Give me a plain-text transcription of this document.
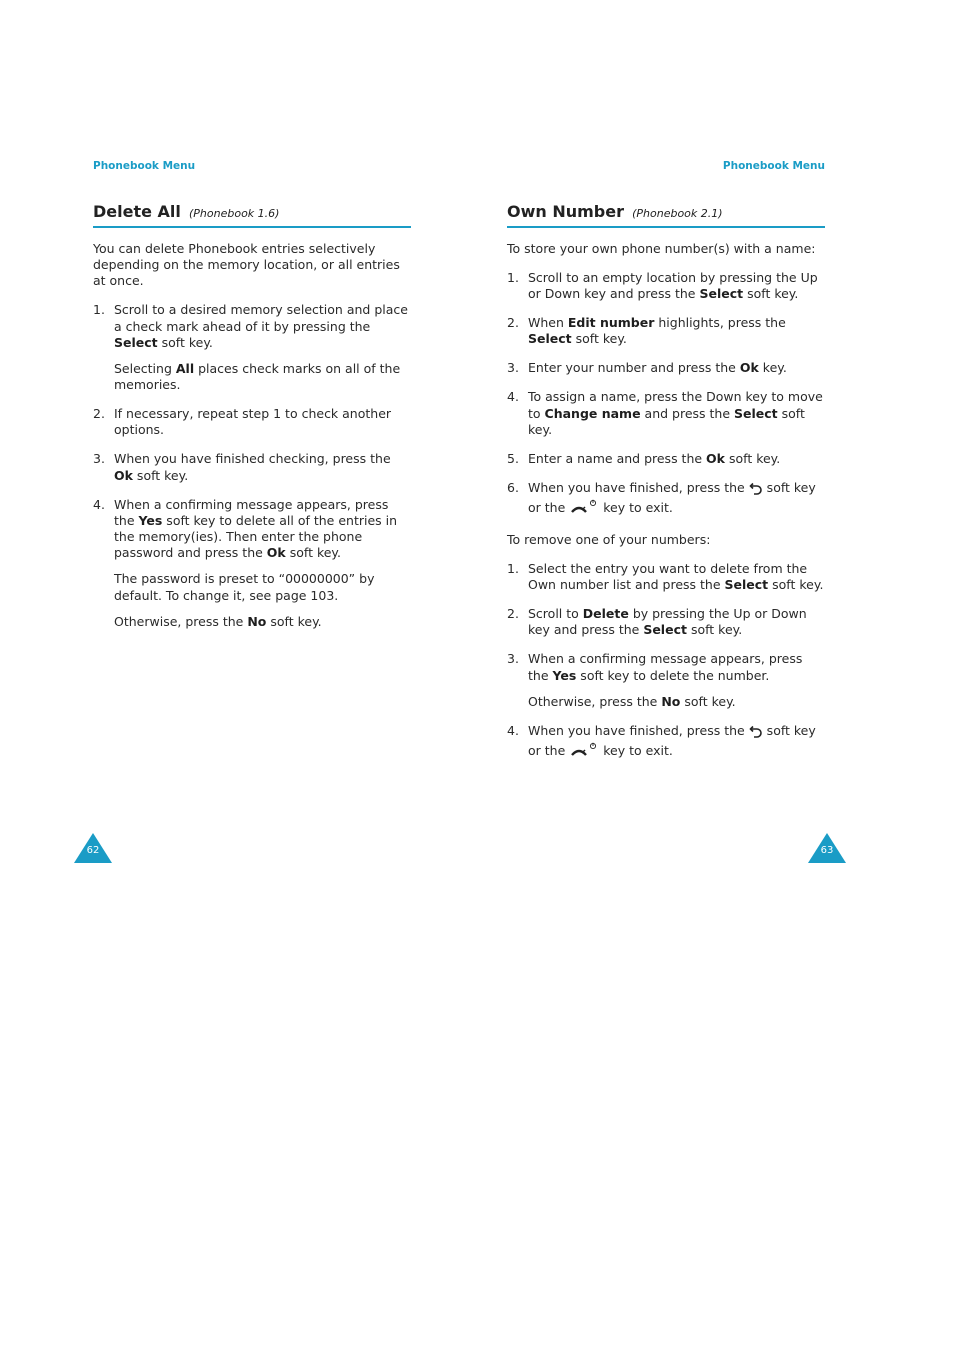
Phonebook Menu
Delete All (Phonebook 1.6)

You can delete Phonebook entries selectively depending on the memory location, or all entries at once.

1. Scroll to a desired memory selection and place a check mark ahead of it by pressing the Select soft key.
Selecting All places check marks on all of the memories.
2. If necessary, repeat step 1 to check another options.
3. When you have finished checking, press the Ok soft key.
4. When a confirming message appears, press the Yes soft key to delete all of the entries in the memory(ies). Then enter the phone password and press the Ok soft key.
The password is preset to “00000000” by default. To change it, see page 103.
Otherwise, press the No soft key.
62
Phonebook Menu
Own Number (Phonebook 2.1)

To store your own phone number(s) with a name:

1. Scroll to an empty location by pressing the Up or Down key and press the Select soft key.
2. When Edit number highlights, press the Select soft key.
3. Enter your number and press the Ok key.
4. To assign a name, press the Down key to move to Change name and press the Select soft key.
5. Enter a name and press the Ok soft key.
6. When you have finished, press the  soft key or the  key to exit.

To remove one of your numbers:

1. Select the entry you want to delete from the Own number list and press the Select soft key.
2. Scroll to Delete by pressing the Up or Down key and press the Select soft key.
3. When a confirming message appears, press the Yes soft key to delete the number.
Otherwise, press the No soft key.
4. When you have finished, press the  soft key or the  key to exit.
63
